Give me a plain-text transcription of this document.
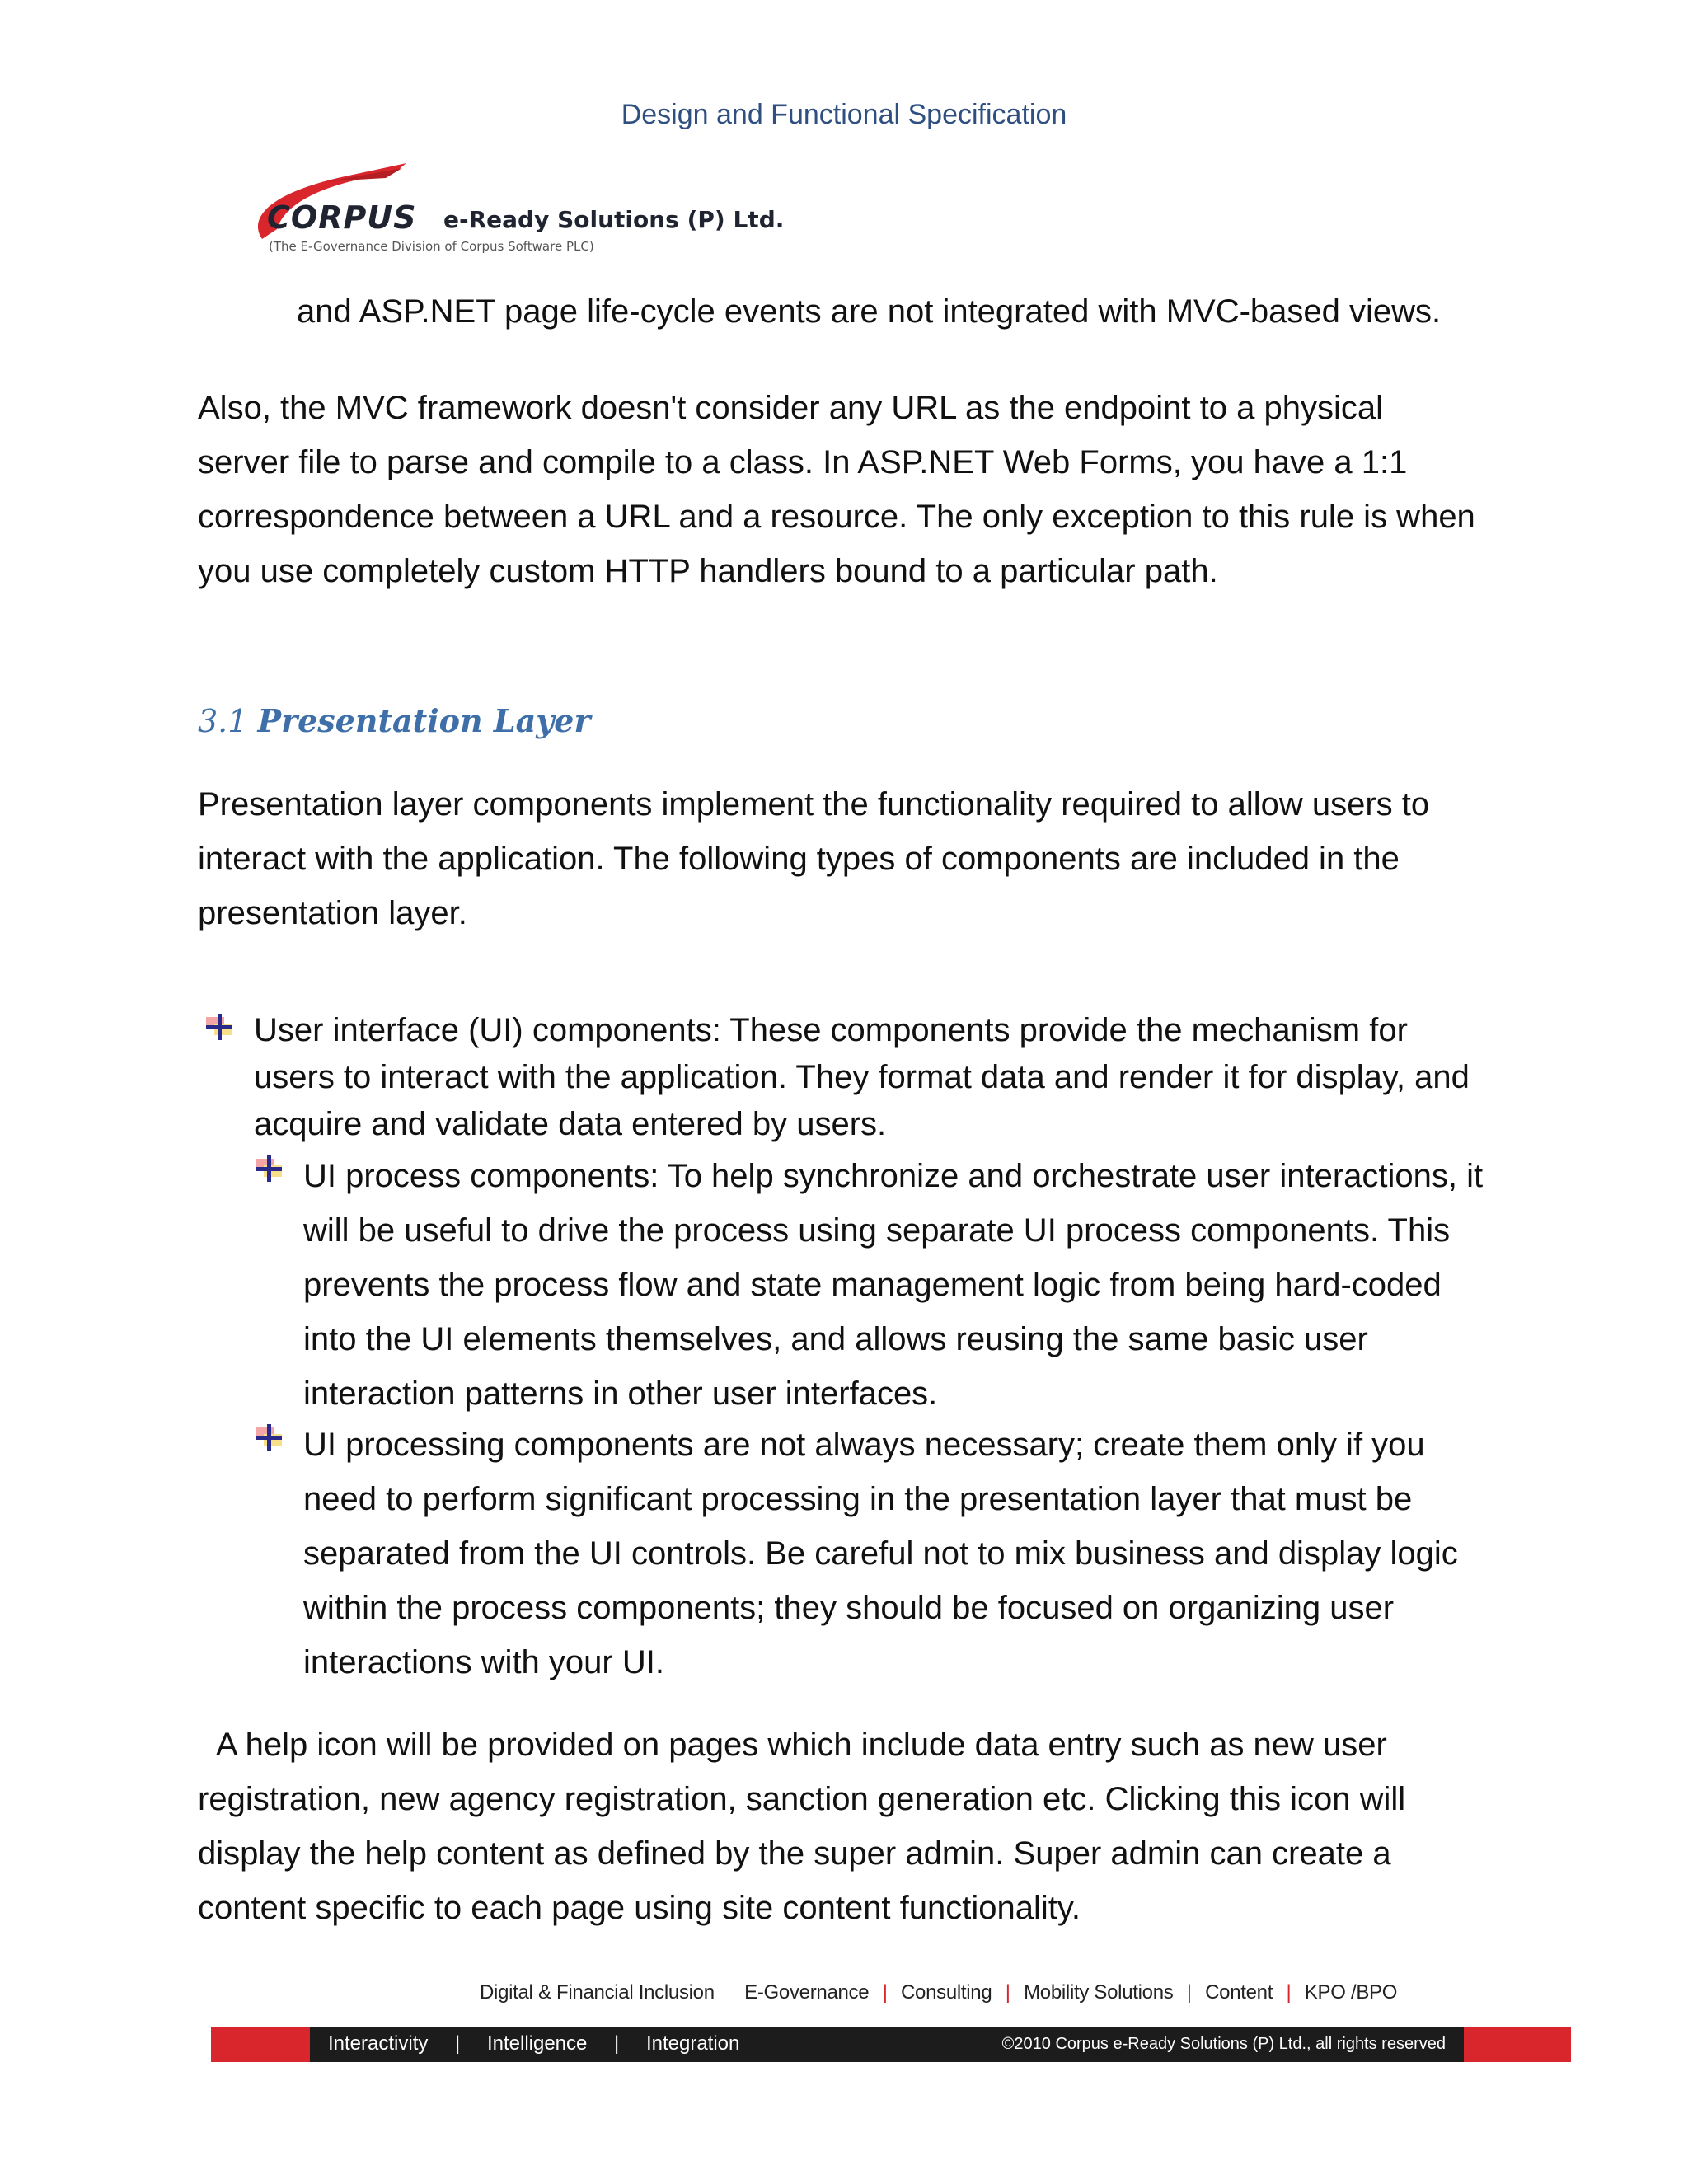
Design and Functional Specification
CORPUS e-Ready Solutions (P) Ltd.
(The E-Governance Division of Corpus Software PLC)
and ASP.NET page life-cycle events are not integrated with MVC-based views.
Also, the MVC framework doesn't consider any URL as the endpoint to a physical server file to parse and compile to a class. In ASP.NET Web Forms, you have a 1:1 correspondence between a URL and a resource. The only exception to this rule is when you use completely custom HTTP handlers bound to a particular path.
3.1 Presentation Layer
Presentation layer components implement the functionality required to allow users to interact with the application. The following types of components are included in the presentation layer.
User interface (UI) components: These components provide the mechanism for users to interact with the application. They format data and render it for display, and acquire and validate data entered by users.
UI process components: To help synchronize and orchestrate user interactions, it will be useful to drive the process using separate UI process components. This prevents the process flow and state management logic from being hard-coded into the UI elements themselves, and allows reusing the same basic user interaction patterns in other user interfaces.
UI processing components are not always necessary; create them only if you need to perform significant processing in the presentation layer that must be separated from the UI controls. Be careful not to mix business and display logic within the process components; they should be focused on organizing user interactions with your UI.
A help icon will be provided on pages which include data entry such as new user registration, new agency registration, sanction generation etc. Clicking this icon will display the help content as defined by the super admin. Super admin can create a content specific to each page using site content functionality.
Digital & Financial Inclusion E-Governance | Consulting | Mobility Solutions | Content | KPO /BPO
Interactivity | Intelligence | Integration	©2010 Corpus e-Ready Solutions (P) Ltd., all rights reserved
